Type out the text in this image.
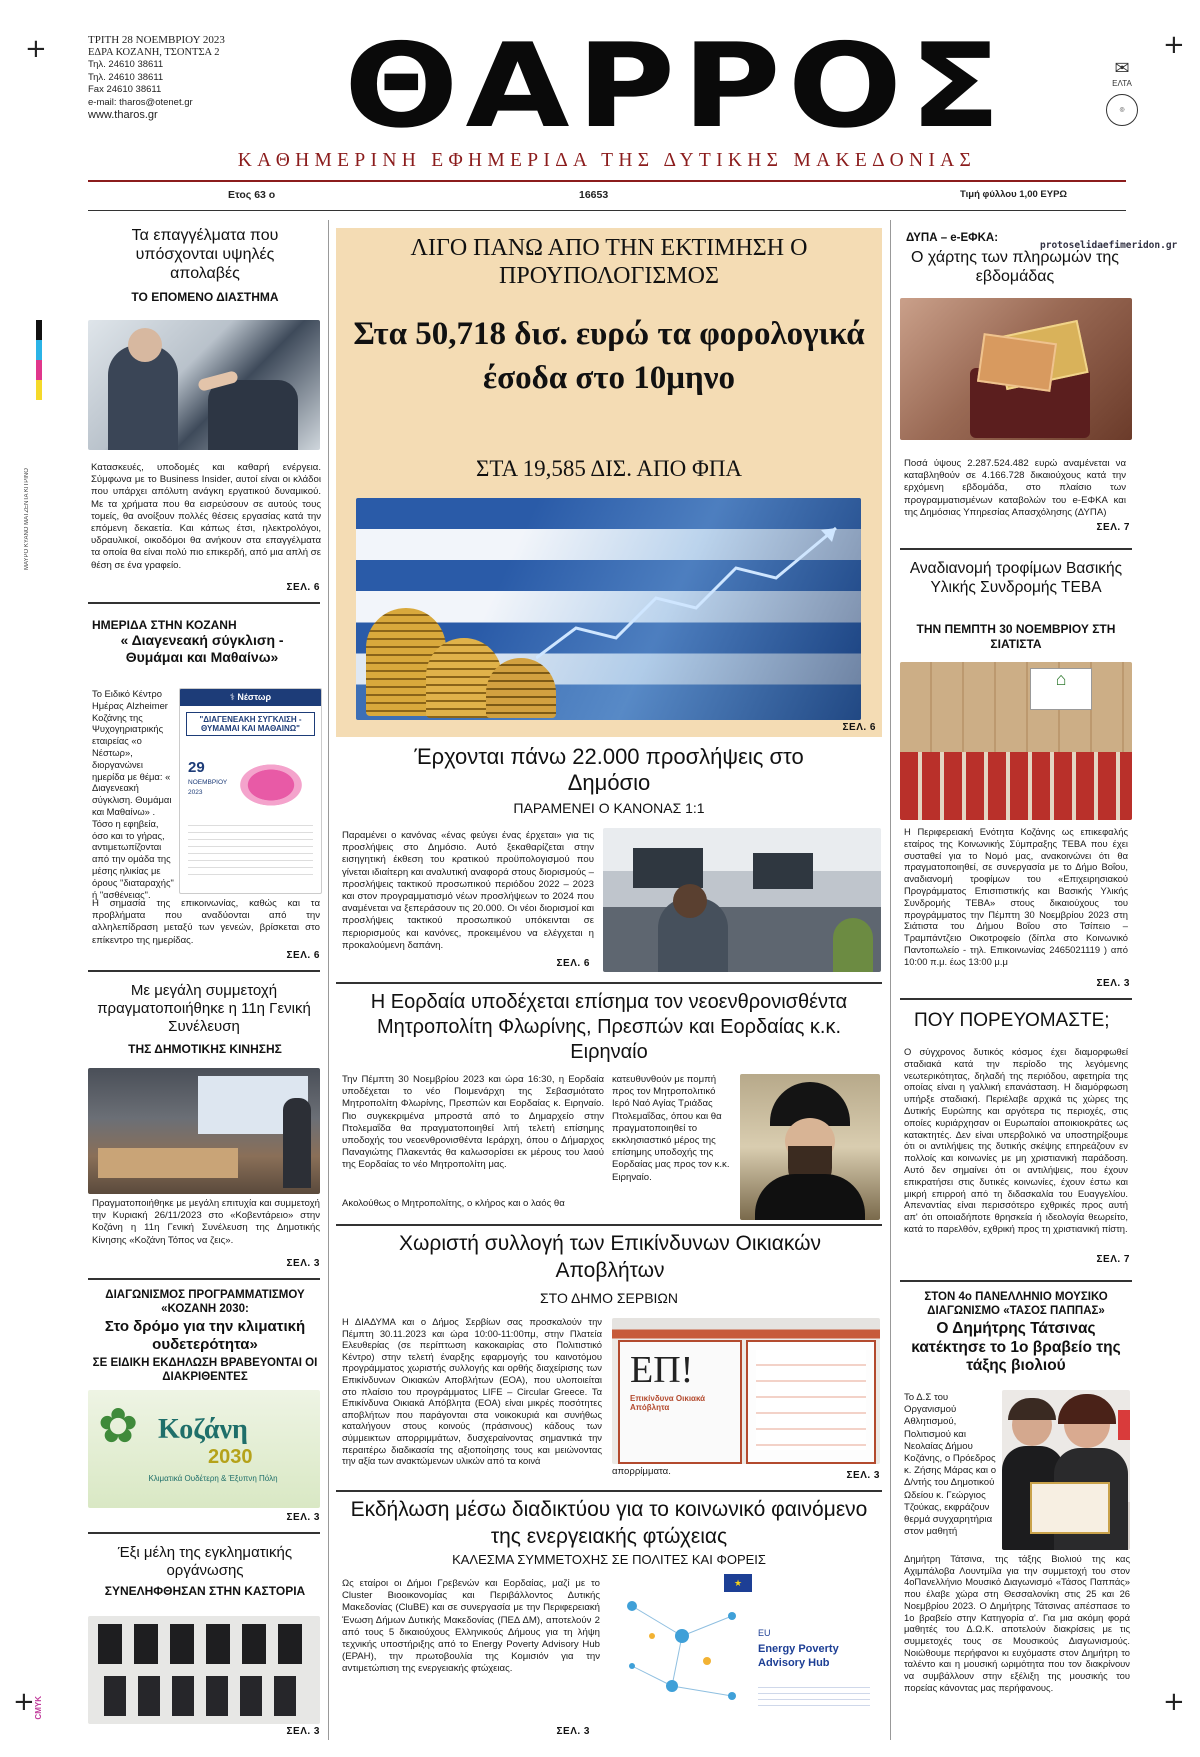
+	+
+	+
ΜΑΥΡΟ ΚΥΑΝΟ ΜΑΤΖΕΝΤΑ ΚΙΤΡΙΝΟ
CMYK
ΤΡΙΤΗ 28 ΝΟΕΜΒΡΙΟΥ 2023
ΕΔΡΑ ΚΟΖΑΝΗ, ΤΣΟΝΤΣΑ 2
Τηλ. 24610 38611
Τηλ. 24610 38611
Fax 24610 38611
e-mail: tharos@otenet.gr
www.tharos.gr	ΘΑΡΡΟΣ	✉
ΕΛΤΑ
◎
ΚΑΘΗΜΕΡΙΝΗ ΕΦΗΜΕΡΙΔΑ ΤΗΣ ΔΥΤΙΚΗΣ ΜΑΚΕΔΟΝΙΑΣ
Ετος 63 ο	16653	Τιμή φύλλου 1,00 ΕΥΡΩ
protoselidaefimeridon.gr
Τα επαγγέλματα που υπόσχονται υψηλές απολαβές
ΤΟ ΕΠΟΜΕΝΟ ΔΙΑΣΤΗΜΑ
Κατασκευές, υποδομές και καθαρή ενέργεια. Σύμφωνα με το Business Insider, αυτοί είναι οι κλάδοι που υπάρχει απόλυτη ανάγκη εργατικού δυναμικού. Με τα χρήματα που θα εισρεύσουν σε αυτούς τους τομείς, θα ανοίξουν πολλές θέσεις εργασίας κατά την επόμενη δεκαετία. Και κάπως έτσι, ηλεκτρολόγοι, υδραυλικοί, οικοδόμοι θα ανήκουν στα επαγγέλματα τα οποία θα είναι πολύ πιο επικερδή, από μια απλή σε θέση σε ένα γραφείο.
ΣΕΛ. 6
ΗΜΕΡΙΔΑ ΣΤΗΝ ΚΟΖΑΝΗ
« Διαγενεακή σύγκλιση - Θυμάμαι και Μαθαίνω»
Το Ειδικό Κέντρο Ημέρας Alzheimer Κοζάνης της Ψυχογηριατρικής εταιρείας «ο Νέστωρ», διοργανώνει ημερίδα με θέμα: « Διαγενεακή σύγκλιση. Θυμάμαι και Μαθαίνω» . Τόσο η εφηβεία, όσο και το γήρας, αντιμετωπίζονται από την ομάδα της μέσης ηλικίας με όρους "διαταραχής" ή "ασθένειας".
⚕ Νέστωρ
"ΔΙΑΓΕΝΕΑΚΗ ΣΥΓΚΛΙΣΗ - ΘΥΜΑΜΑΙ ΚΑΙ ΜΑΘΑΙΝΩ"
29
ΝΟΕΜΒΡΙΟΥ
2023
Η σημασία της επικοινωνίας, καθώς και τα προβλήματα που αναδύονται από την αλληλεπίδραση μεταξύ των γενεών, βρίσκεται στο επίκεντρο της ημερίδας.
ΣΕΛ. 6
Με μεγάλη συμμετοχή πραγματοποιήθηκε η 11η Γενική Συνέλευση
ΤΗΣ ΔΗΜΟΤΙΚΗΣ ΚΙΝΗΣΗΣ
Πραγματοποιήθηκε με μεγάλη επιτυχία και συμμετοχή την Κυριακή 26/11/2023 στο «Κοβεντάρειο» στην Κοζάνη η 11η Γενική Συνέλευση της Δημοτικής Κίνησης «Κοζάνη Τόπος να ζεις».
ΣΕΛ. 3
ΔΙΑΓΩΝΙΣΜΟΣ ΠΡΟΓΡΑΜΜΑΤΙΣΜΟΥ «ΚΟΖΑΝΗ 2030:
Στο δρόμο για την κλιματική ουδετερότητα»
ΣΕ ΕΙΔΙΚΗ ΕΚΔΗΛΩΣΗ ΒΡΑΒΕΥΟΝΤΑΙ ΟΙ ΔΙΑΚΡΙΘΕΝΤΕΣ
Κοζάνη
2030
Κλιματικά Ουδέτερη & Έξυπνη Πόλη
✿
ΣΕΛ. 3
Έξι μέλη της εγκληματικής οργάνωσης
ΣΥΝΕΛΗΦΘΗΣΑΝ ΣΤΗΝ ΚΑΣΤΟΡΙΑ
ΣΕΛ. 3
ΛΙΓΟ ΠΑΝΩ ΑΠΟ ΤΗΝ ΕΚΤΙΜΗΣΗ Ο ΠΡΟΥΠΟΛΟΓΙΣΜΟΣ
Στα 50,718 δισ. ευρώ τα φορολογικά έσοδα στο 10μηνο
ΣΤΑ 19,585 ΔΙΣ. ΑΠΟ ΦΠΑ
ΣΕΛ. 6
Έρχονται πάνω 22.000 προσλήψεις στο Δημόσιο
ΠΑΡΑΜΕΝΕΙ Ο ΚΑΝΟΝΑΣ 1:1
Παραμένει ο κανόνας «ένας φεύγει ένας έρχεται» για τις προσλήψεις στο Δημόσιο. Αυτό ξεκαθαρίζεται στην εισηγητική έκθεση του κρατικού προϋπολογισμού που γίνεται ιδιαίτερη και αναλυτική αναφορά στους διορισμούς – προσλήψεις τακτικού προσωπικού περιόδου 2022 – 2023 και στον προγραμματισμό νέων προσλήψεων το 2024 που αναμένεται να ξεπεράσουν τις 20.000. Οι νέοι διορισμοί και προσλήψεις τακτικού προσωπικού υπόκεινται σε περιορισμούς και κανόνες, προκειμένου να ελέγχεται η προκαλούμενη δαπάνη.
ΣΕΛ. 6
Η Εορδαία υποδέχεται επίσημα τον νεοενθρονισθέντα Μητροπολίτη Φλωρίνης, Πρεσπών και Εορδαίας κ.κ. Ειρηναίο
Την Πέμπτη 30 Νοεμβρίου 2023 και ώρα 16:30, η Εορδαία υποδέχεται το νέο Ποιμενάρχη της Σεβασμιότατο Μητροπολίτη Φλωρίνης, Πρεσπών και Εορδαίας κ. Ειρηναίο. Πιο συγκεκριμένα μπροστά από το Δημαρχείο στην Πτολεμαΐδα θα πραγματοποιηθεί λιτή τελετή επίσημης υποδοχής του νεοενθρονισθέντα Ιεράρχη, όπου ο Δήμαρχος Παναγιώτης Πλακεντάς θα καλωσορίσει εκ μέρους του λαού της Εορδαίας το νέο Μητροπολίτη μας.
Ακολούθως ο Μητροπολίτης, ο κλήρος και ο λαός θα
κατευθυνθούν με πομπή προς τον Μητροπολιτικό Ιερό Ναό Αγίας Τριάδας Πτολεμαΐδας, όπου και θα πραγματοποιηθεί το εκκλησιαστικό μέρος της επίσημης υποδοχής της Εορδαίας μας προς τον κ.κ. Ειρηναίο.
Χωριστή συλλογή των Επικίνδυνων Οικιακών Αποβλήτων
ΣΤΟ ΔΗΜΟ ΣΕΡΒΙΩΝ
Η ΔΙΑΔΥΜΑ και ο Δήμος Σερβίων σας προσκαλούν την Πέμπτη 30.11.2023 και ώρα 10:00-11:00πμ, στην Πλατεία Ελευθερίας (σε περίπτωση κακοκαιρίας στο Πολιτιστικό Κέντρο) στην τελετή έναρξης εφαρμογής του καινοτόμου προγράμματος χωριστής συλλογής και ορθής διαχείρισης των Επικίνδυνων Οικιακών Αποβλήτων (ΕΟΑ), που υλοποιείται στο πλαίσιο του προγράμματος LIFE – Circular Greece. Τα Επικίνδυνα Οικιακά Απόβλητα (ΕΟΑ) είναι μικρές ποσότητες αποβλήτων που παράγονται στα νοικοκυριά και συνήθως καταλήγουν στους κοινούς (πράσινους) κάδους των σύμμεικτων απορριμμάτων, δυσχεραίνοντας σημαντικά την περαιτέρω διαδικασία της αξιοποίησης τους και μειώνοντας την αξία των ανακτώμενων υλικών από τα κοινά
απορρίμματα.
ΕΠ!
Επικίνδυνα Οικιακά Απόβλητα
ΣΕΛ. 3
Εκδήλωση μέσω διαδικτύου για το κοινωνικό φαινόμενο της ενεργειακής φτώχειας
ΚΑΛΕΣΜΑ ΣΥΜΜΕΤΟΧΗΣ ΣΕ ΠΟΛΙΤΕΣ ΚΑΙ ΦΟΡΕΙΣ
Ως εταίροι οι Δήμοι Γρεβενών και Εορδαίας, μαζί με το Cluster Βιοοικονομίας και Περιβάλλοντος Δυτικής Μακεδονίας (CluBE) και σε συνεργασία με την Περιφερειακή Ένωση Δήμων Δυτικής Μακεδονίας (ΠΕΔ ΔΜ), αποτελούν 2 από τους 5 δικαιούχους Ελληνικούς Δήμους για τη λήψη τεχνικής υποστήριξης από το Energy Poverty Advisory Hub (EPAH), την πρωτοβουλία της Κομισιόν για την αντιμετώπιση της ενεργειακής φτώχειας.
★
EU
Energy Poverty Advisory Hub
ΣΕΛ. 3
ΔΥΠΑ – e-ΕΦΚΑ:
Ο χάρτης των πληρωμών της εβδομάδας
Ποσά ύψους 2.287.524.482 ευρώ αναμένεται να καταβληθούν σε 4.166.728 δικαιούχους κατά την ερχόμενη εβδομάδα, στο πλαίσιο των προγραμματισμένων καταβολών του e-ΕΦΚΑ και της Δημόσιας Υπηρεσίας Απασχόλησης (ΔΥΠΑ)
ΣΕΛ. 7
Αναδιανομή τροφίμων Βασικής Υλικής Συνδρομής ΤΕΒΑ
ΤΗΝ ΠΕΜΠΤΗ 30 ΝΟΕΜΒΡΙΟΥ ΣΤΗ ΣΙΑΤΙΣΤΑ
⌂
Η Περιφερειακή Ενότητα Κοζάνης ως επικεφαλής εταίρος της Κοινωνικής Σύμπραξης ΤΕΒΑ που έχει συσταθεί για το Νομό μας, ανακοινώνει ότι θα πραγματοποιηθεί, σε συνεργασία με το Δήμο Βοΐου, αναδιανομή τροφίμων του «Επιχειρησιακού Προγράμματος Επισιτιστικής και Βασικής Υλικής Συνδρομής ΤΕΒΑ» στους δικαιούχους του προγράμματος την Πέμπτη 30 Νοεμβρίου 2023 στη Σιάτιστα του Δήμου Βοΐου στο Τσίπειο – Τραμπάντζειο Οικοτροφείο (δίπλα στο Κοινωνικό Παντοπωλείο - τηλ. Επικοινωνίας 2465021119 ) από 10:00 π.μ. έως 13:00 μ.μ
ΣΕΛ. 3
ΠΟΥ ΠΟΡΕΥΟΜΑΣΤΕ;
Ο σύγχρονος δυτικός κόσμος έχει διαμορφωθεί σταδιακά κατά την περίοδο της λεγόμενης νεωτερικότητας, δηλαδή της περιόδου, αφετηρία της οποίας είναι η γαλλική επανάσταση. Η διαμόρφωση υπήρξε σταδιακή. Περιέλαβε αρχικά τις χώρες της Δυτικής Ευρώπης και αργότερα τις περιοχές, στις οποίες κυριάρχησαν οι Ευρωπαίοι αποικιοκράτες ως κατακτητές. Δεν είναι υπερβολικό να υποστηρίξουμε ότι οι αντιλήψεις της δυτικής σκέψης επηρεάζουν εν πολλοίς και κοινωνίες με μη χριστιανική παράδοση. Αυτό δεν σημαίνει ότι οι αντιλήψεις, που έχουν επικρατήσει στις δυτικές κοινωνίες, έχουν έστω και μικρή επιρροή από τη διδασκαλία του Ευαγγελίου. Απεναντίας είναι περισσότερο εχθρικές προς αυτή απ' ότι οποιαδήποτε θρησκεία ή ιδεολογία θεωρείτο, κατά το παρελθόν, εχθρική προς τη χριστιανική πίστη.
ΣΕΛ. 7
ΣΤΟΝ 4ο ΠΑΝΕΛΛΗΝΙΟ ΜΟΥΣΙΚΟ ΔΙΑΓΩΝΙΣΜΟ «ΤΑΣΟΣ ΠΑΠΠΑΣ»
Ο Δημήτρης Τάτσινας κατέκτησε το 1ο βραβείο της τάξης βιολιού
Το Δ.Σ του Οργανισμού Αθλητισμού, Πολιτισμού και Νεολαίας Δήμου Κοζάνης, ο Πρόεδρος κ. Ζήσης Μάρας και ο Δ/ντής του Δημοτικού Ωδείου κ. Γεώργιος Τζούκας, εκφράζουν θερμά συγχαρητήρια στον μαθητή
Δημήτρη Τάτσινα, της τάξης Βιολιού της κας Αχιμπάλοβα Λουντμίλα για την συμμετοχή του στον 4οΠανελλήνιο Μουσικό Διαγωνισμό «Τάσος Παππάς» που έλαβε χώρα στη Θεσσαλονίκη στις 25 και 26 Νοεμβρίου 2023. Ο Δημήτρης Τάτσινας απέσπασε το 1ο βραβείο στην Κατηγορία α'. Για μια ακόμη φορά μαθητές του Δ.Ω.Κ. αποτελούν διακρίσεις με τις συμμετοχές τους σε Μουσικούς Διαγωνισμούς. Νοιώθουμε περήφανοι κι ευχόμαστε στον Δημήτρη το ταλέντο και η μουσική ωριμότητα που τον διακρίνουν να συμβάλλουν στην εξέλιξη της μουσικής του πορείας κάνοντας μας περήφανους.
